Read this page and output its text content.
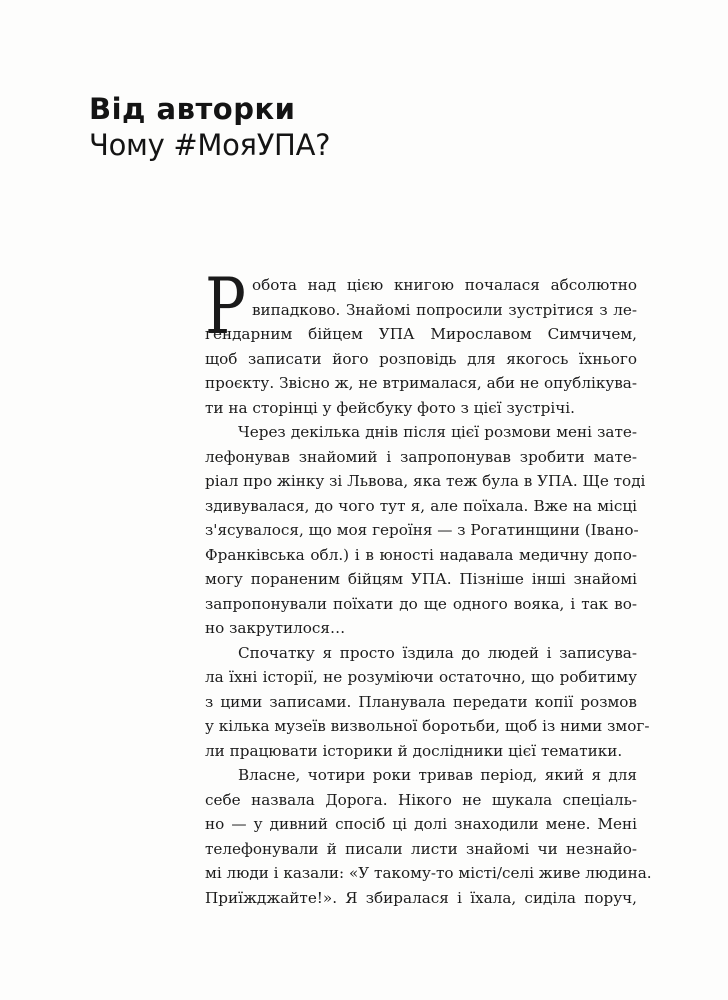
Від авторки
Чому #МояУПА?
Р обота над цією книгою почалася абсолютно
випадково. Знайомі попросили зустрітися з ле-
гендарним бійцем УПА Мирославом Симчичем,
щоб записати його розповідь для якогось їхнього
проєкту. Звісно ж, не втрималася, аби не опублікува-
ти на сторінці у фейсбуку фото з цієї зустрічі.
Через декілька днів після цієї розмови мені зате-
лефонував знайомий і запропонував зробити мате-
ріал про жінку зі Львова, яка теж була в УПА. Ще тоді
здивувалася, до чого тут я, але поїхала. Вже на місці
з'ясувалося, що моя героїня — з Рогатинщини (Івано-
Франківська обл.) і в юності надавала медичну допо-
могу пораненим бійцям УПА. Пізніше інші знайомі
запропонували поїхати до ще одного вояка, і так во-
но закрутилося…
Спочатку я просто їздила до людей і записува-
ла їхні історії, не розуміючи остаточно, що робитиму
з цими записами. Планувала передати копії розмов
у кілька музеїв визвольної боротьби, щоб із ними змог-
ли працювати історики й дослідники цієї тематики.
Власне, чотири роки тривав період, який я для
себе назвала Дорога. Нікого не шукала спеціаль-
но — у дивний спосіб ці долі знаходили мене. Мені
телефонували й писали листи знайомі чи незнайо-
мі люди і казали: «У такому-то місті/селі живе людина.
Приїжджайте!». Я збиралася і їхала, сиділа поруч,
